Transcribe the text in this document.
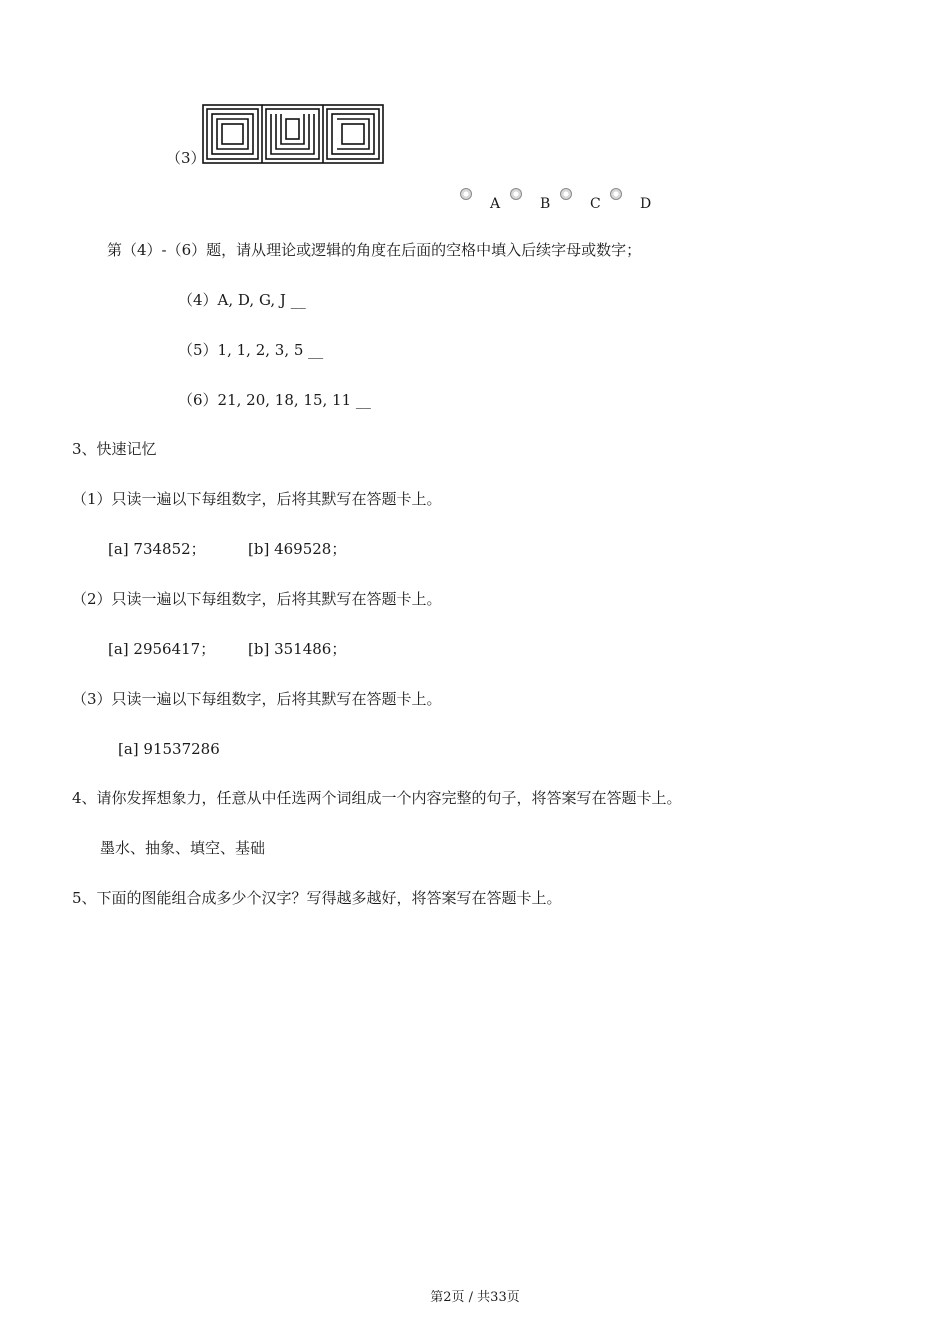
（3）
A	B	C	D
第（4）-（6）题，请从理论或逻辑的角度在后面的空格中填入后续字母或数字；
（4）A, D, G, J __
（5）1, 1, 2, 3, 5 __
（6）21, 20, 18, 15, 11 __
3、快速记忆
（1）只读一遍以下每组数字，后将其默写在答题卡上。
[a] 734852；	[b] 469528；
（2）只读一遍以下每组数字，后将其默写在答题卡上。
[a] 2956417； [b] 351486；
（3）只读一遍以下每组数字，后将其默写在答题卡上。
[a] 91537286
4、请你发挥想象力，任意从中任选两个词组成一个内容完整的句子，将答案写在答题卡上。
墨水、抽象、填空、基础
5、下面的图能组合成多少个汉字？写得越多越好，将答案写在答题卡上。
第2页 / 共33页
